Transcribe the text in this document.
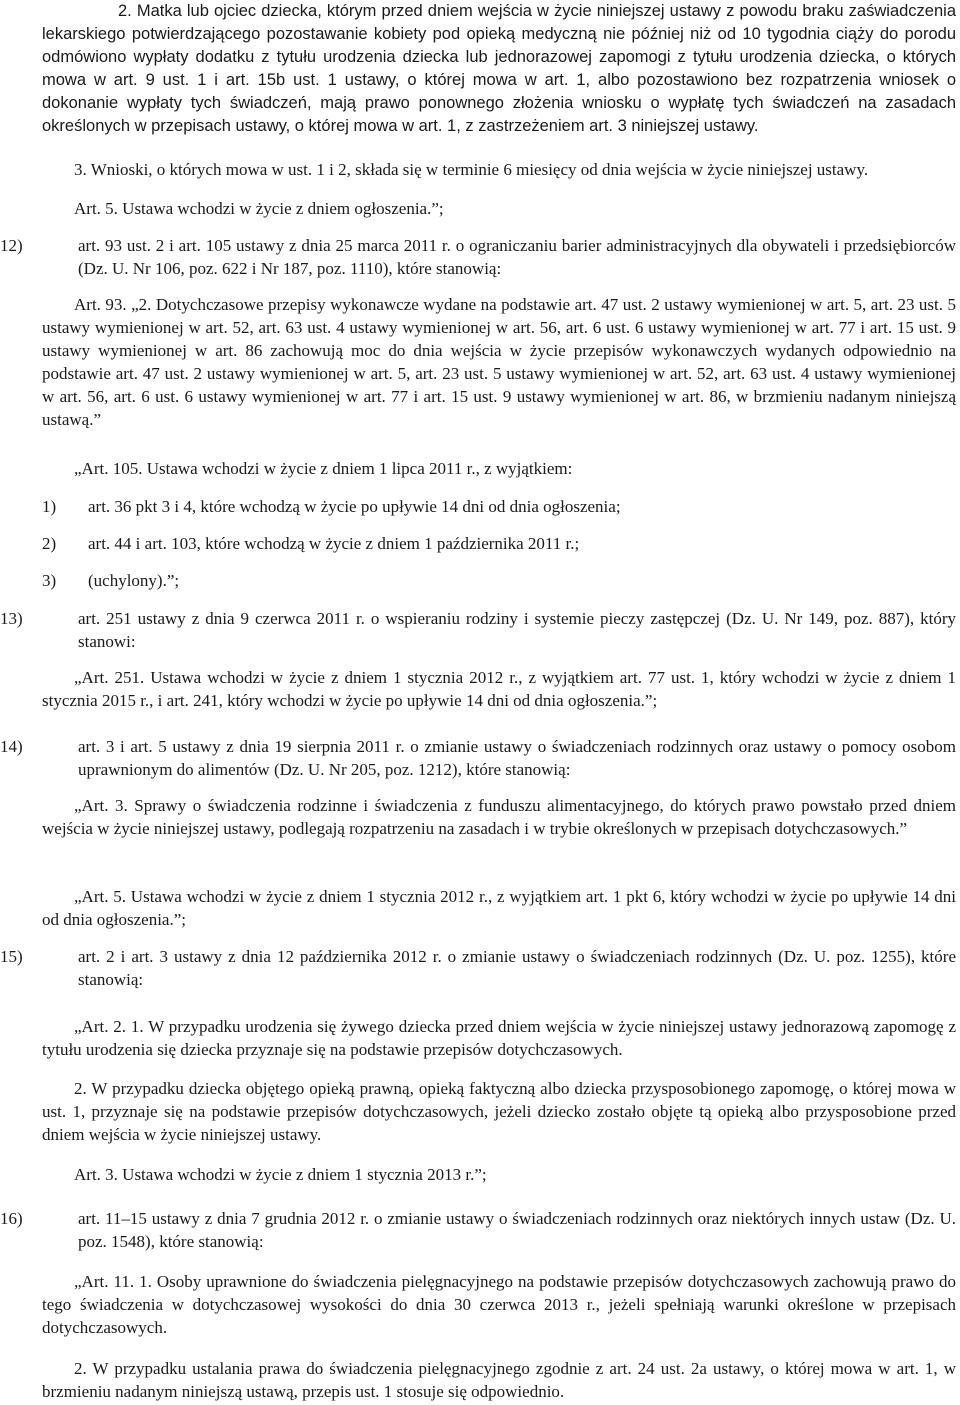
2. Matka lub ojciec dziecka, którym przed dniem wejścia w życie niniejszej ustawy z powodu braku zaświadczenia lekarskiego potwierdzającego pozostawanie kobiety pod opieką medyczną nie później niż od 10 tygodnia ciąży do porodu odmówiono wypłaty dodatku z tytułu urodzenia dziecka lub jednorazowej zapomogi z tytułu urodzenia dziecka, o których mowa w art. 9 ust. 1 i art. 15b ust. 1 ustawy, o której mowa w art. 1, albo pozostawiono bez rozpatrzenia wniosek o dokonanie wypłaty tych świadczeń, mają prawo ponownego złożenia wniosku o wypłatę tych świadczeń na zasadach określonych w przepisach ustawy, o której mowa w art. 1, z zastrzeżeniem art. 3 niniejszej ustawy.

3. Wnioski, o których mowa w ust. 1 i 2, składa się w terminie 6 miesięcy od dnia wejścia w życie niniejszej ustawy.

Art. 5. Ustawa wchodzi w życie z dniem ogłoszenia.”;

12)	art. 93 ust. 2 i art. 105 ustawy z dnia 25 marca 2011 r. o ograniczaniu barier administracyjnych dla obywateli i przedsiębiorców (Dz. U. Nr 106, poz. 622 i Nr 187, poz. 1110), które stanowią:

Art. 93. „2. Dotychczasowe przepisy wykonawcze wydane na podstawie art. 47 ust. 2 ustawy wymienionej w art. 5, art. 23 ust. 5 ustawy wymienionej w art. 52, art. 63 ust. 4 ustawy wymienionej w art. 56, art. 6 ust. 6 ustawy wymienionej w art. 77 i art. 15 ust. 9 ustawy wymienionej w art. 86 zachowują moc do dnia wejścia w życie przepisów wykonawczych wydanych odpowiednio na podstawie art. 47 ust. 2 ustawy wymienionej w art. 5, art. 23 ust. 5 ustawy wymienionej w art. 52, art. 63 ust. 4 ustawy wymienionej w art. 56, art. 6 ust. 6 ustawy wymienionej w art. 77 i art. 15 ust. 9 ustawy wymienionej w art. 86, w brzmieniu nadanym niniejszą ustawą.”

„Art. 105. Ustawa wchodzi w życie z dniem 1 lipca 2011 r., z wyjątkiem:

1)	art. 36 pkt 3 i 4, które wchodzą w życie po upływie 14 dni od dnia ogłoszenia;

2)	art. 44 i art. 103, które wchodzą w życie z dniem 1 października 2011 r.;

3)	(uchylony).”;

13)	art. 251 ustawy z dnia 9 czerwca 2011 r. o wspieraniu rodziny i systemie pieczy zastępczej (Dz. U. Nr 149, poz. 887), który stanowi:

„Art. 251. Ustawa wchodzi w życie z dniem 1 stycznia 2012 r., z wyjątkiem art. 77 ust. 1, który wchodzi w życie z dniem 1 stycznia 2015 r., i art. 241, który wchodzi w życie po upływie 14 dni od dnia ogłoszenia.”;

14)	art. 3 i art. 5 ustawy z dnia 19 sierpnia 2011 r. o zmianie ustawy o świadczeniach rodzinnych oraz ustawy o pomocy osobom uprawnionym do alimentów (Dz. U. Nr 205, poz. 1212), które stanowią:

„Art. 3. Sprawy o świadczenia rodzinne i świadczenia z funduszu alimentacyjnego, do których prawo powstało przed dniem wejścia w życie niniejszej ustawy, podlegają rozpatrzeniu na zasadach i w trybie określonych w przepisach dotychczasowych.”

„Art. 5. Ustawa wchodzi w życie z dniem 1 stycznia 2012 r., z wyjątkiem art. 1 pkt 6, który wchodzi w życie po upływie 14 dni od dnia ogłoszenia.”;

15)	art. 2 i art. 3 ustawy z dnia 12 października 2012 r. o zmianie ustawy o świadczeniach rodzinnych (Dz. U. poz. 1255), które stanowią:

„Art. 2. 1. W przypadku urodzenia się żywego dziecka przed dniem wejścia w życie niniejszej ustawy jednorazową zapomogę z tytułu urodzenia się dziecka przyznaje się na podstawie przepisów dotychczasowych.

2. W przypadku dziecka objętego opieką prawną, opieką faktyczną albo dziecka przysposobionego zapomogę, o której mowa w ust. 1, przyznaje się na podstawie przepisów dotychczasowych, jeżeli dziecko zostało objęte tą opieką albo przysposobione przed dniem wejścia w życie niniejszej ustawy.

Art. 3. Ustawa wchodzi w życie z dniem 1 stycznia 2013 r.”;

16)	art. 11–15 ustawy z dnia 7 grudnia 2012 r. o zmianie ustawy o świadczeniach rodzinnych oraz niektórych innych ustaw (Dz. U. poz. 1548), które stanowią:

„Art. 11. 1. Osoby uprawnione do świadczenia pielęgnacyjnego na podstawie przepisów dotychczasowych zachowują prawo do tego świadczenia w dotychczasowej wysokości do dnia 30 czerwca 2013 r., jeżeli spełniają warunki określone w przepisach dotychczasowych.

2. W przypadku ustalania prawa do świadczenia pielęgnacyjnego zgodnie z art. 24 ust. 2a ustawy, o której mowa w art. 1, w brzmieniu nadanym niniejszą ustawą, przepis ust. 1 stosuje się odpowiednio.
